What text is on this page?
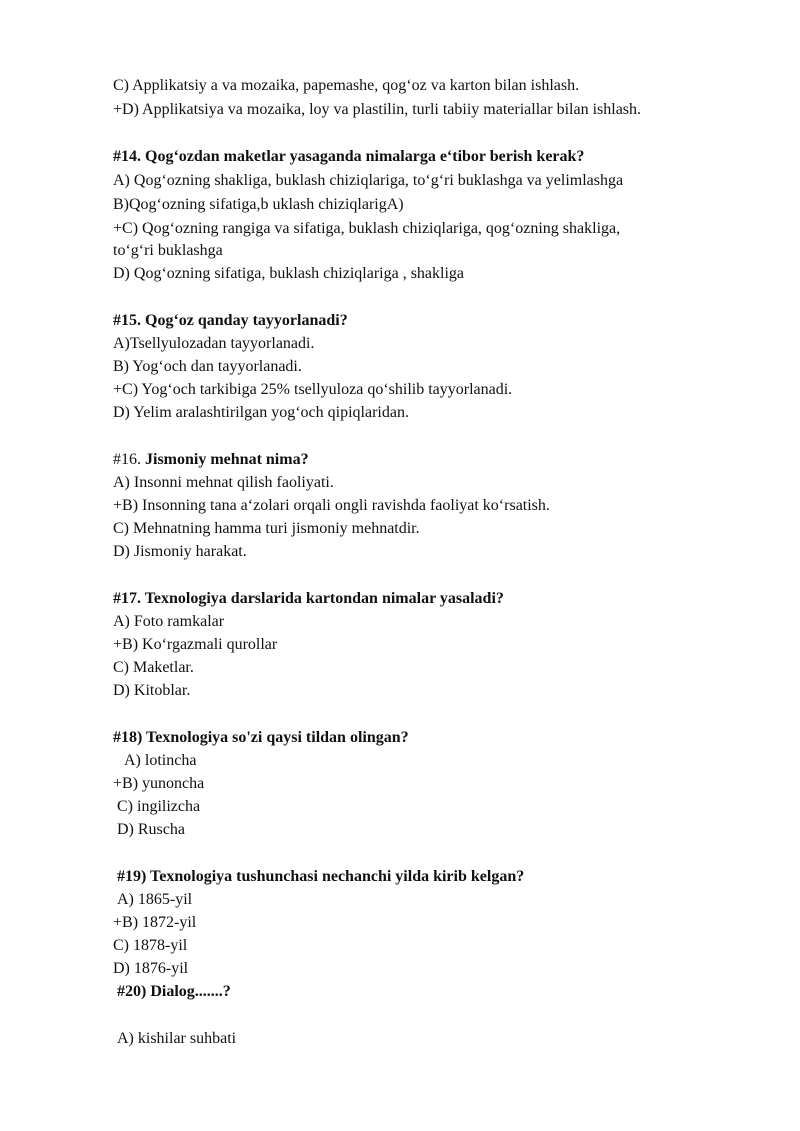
C) Applikatsiy a va mozaika, papemashe, qog‘oz va karton bilan ishlash.
+D) Applikatsiya va mozaika, loy va plastilin, turli tabiiy materiallar bilan ishlash.
#14. Qog‘ozdan maketlar yasaganda nimalarga e‘tibor berish kerak?
A) Qog‘ozning shakliga, buklash chiziqlariga, to‘g‘ri buklashga va yelimlashga
B)Qog‘ozning sifatiga,b uklash chiziqlarigA)
+C) Qog‘ozning rangiga va sifatiga, buklash chiziqlariga, qog‘ozning shakliga,
to‘g‘ri buklashga
D) Qog‘ozning sifatiga, buklash chiziqlariga , shakliga
#15. Qog‘oz qanday tayyorlanadi?
A)Tsellyulozadan tayyorlanadi.
B) Yog‘och dan tayyorlanadi.
+C) Yog‘och tarkibiga 25% tsellyuloza qo‘shilib tayyorlanadi.
D) Yelim aralashtirilgan yog‘och qipiqlaridan.
#16. Jismoniy mehnat nima?
A) Insonni mehnat qilish faoliyati.
+B) Insonning tana a‘zolari orqali ongli ravishda faoliyat ko‘rsatish.
C) Mehnatning hamma turi jismoniy mehnatdir.
D) Jismoniy harakat.
#17. Texnologiya darslarida kartondan nimalar yasaladi?
A) Foto ramkalar
+B) Ko‘rgazmali qurollar
C) Maketlar.
D) Kitoblar.
#18) Texnologiya so'zi qaysi tildan olingan?
A) lotincha
+B) yunoncha
C) ingilizcha
D) Ruscha
#19) Texnologiya tushunchasi nechanchi yilda kirib kelgan?
A) 1865-yil
+B) 1872-yil
C) 1878-yil
D) 1876-yil
#20) Dialog.......?
A) kishilar suhbati
